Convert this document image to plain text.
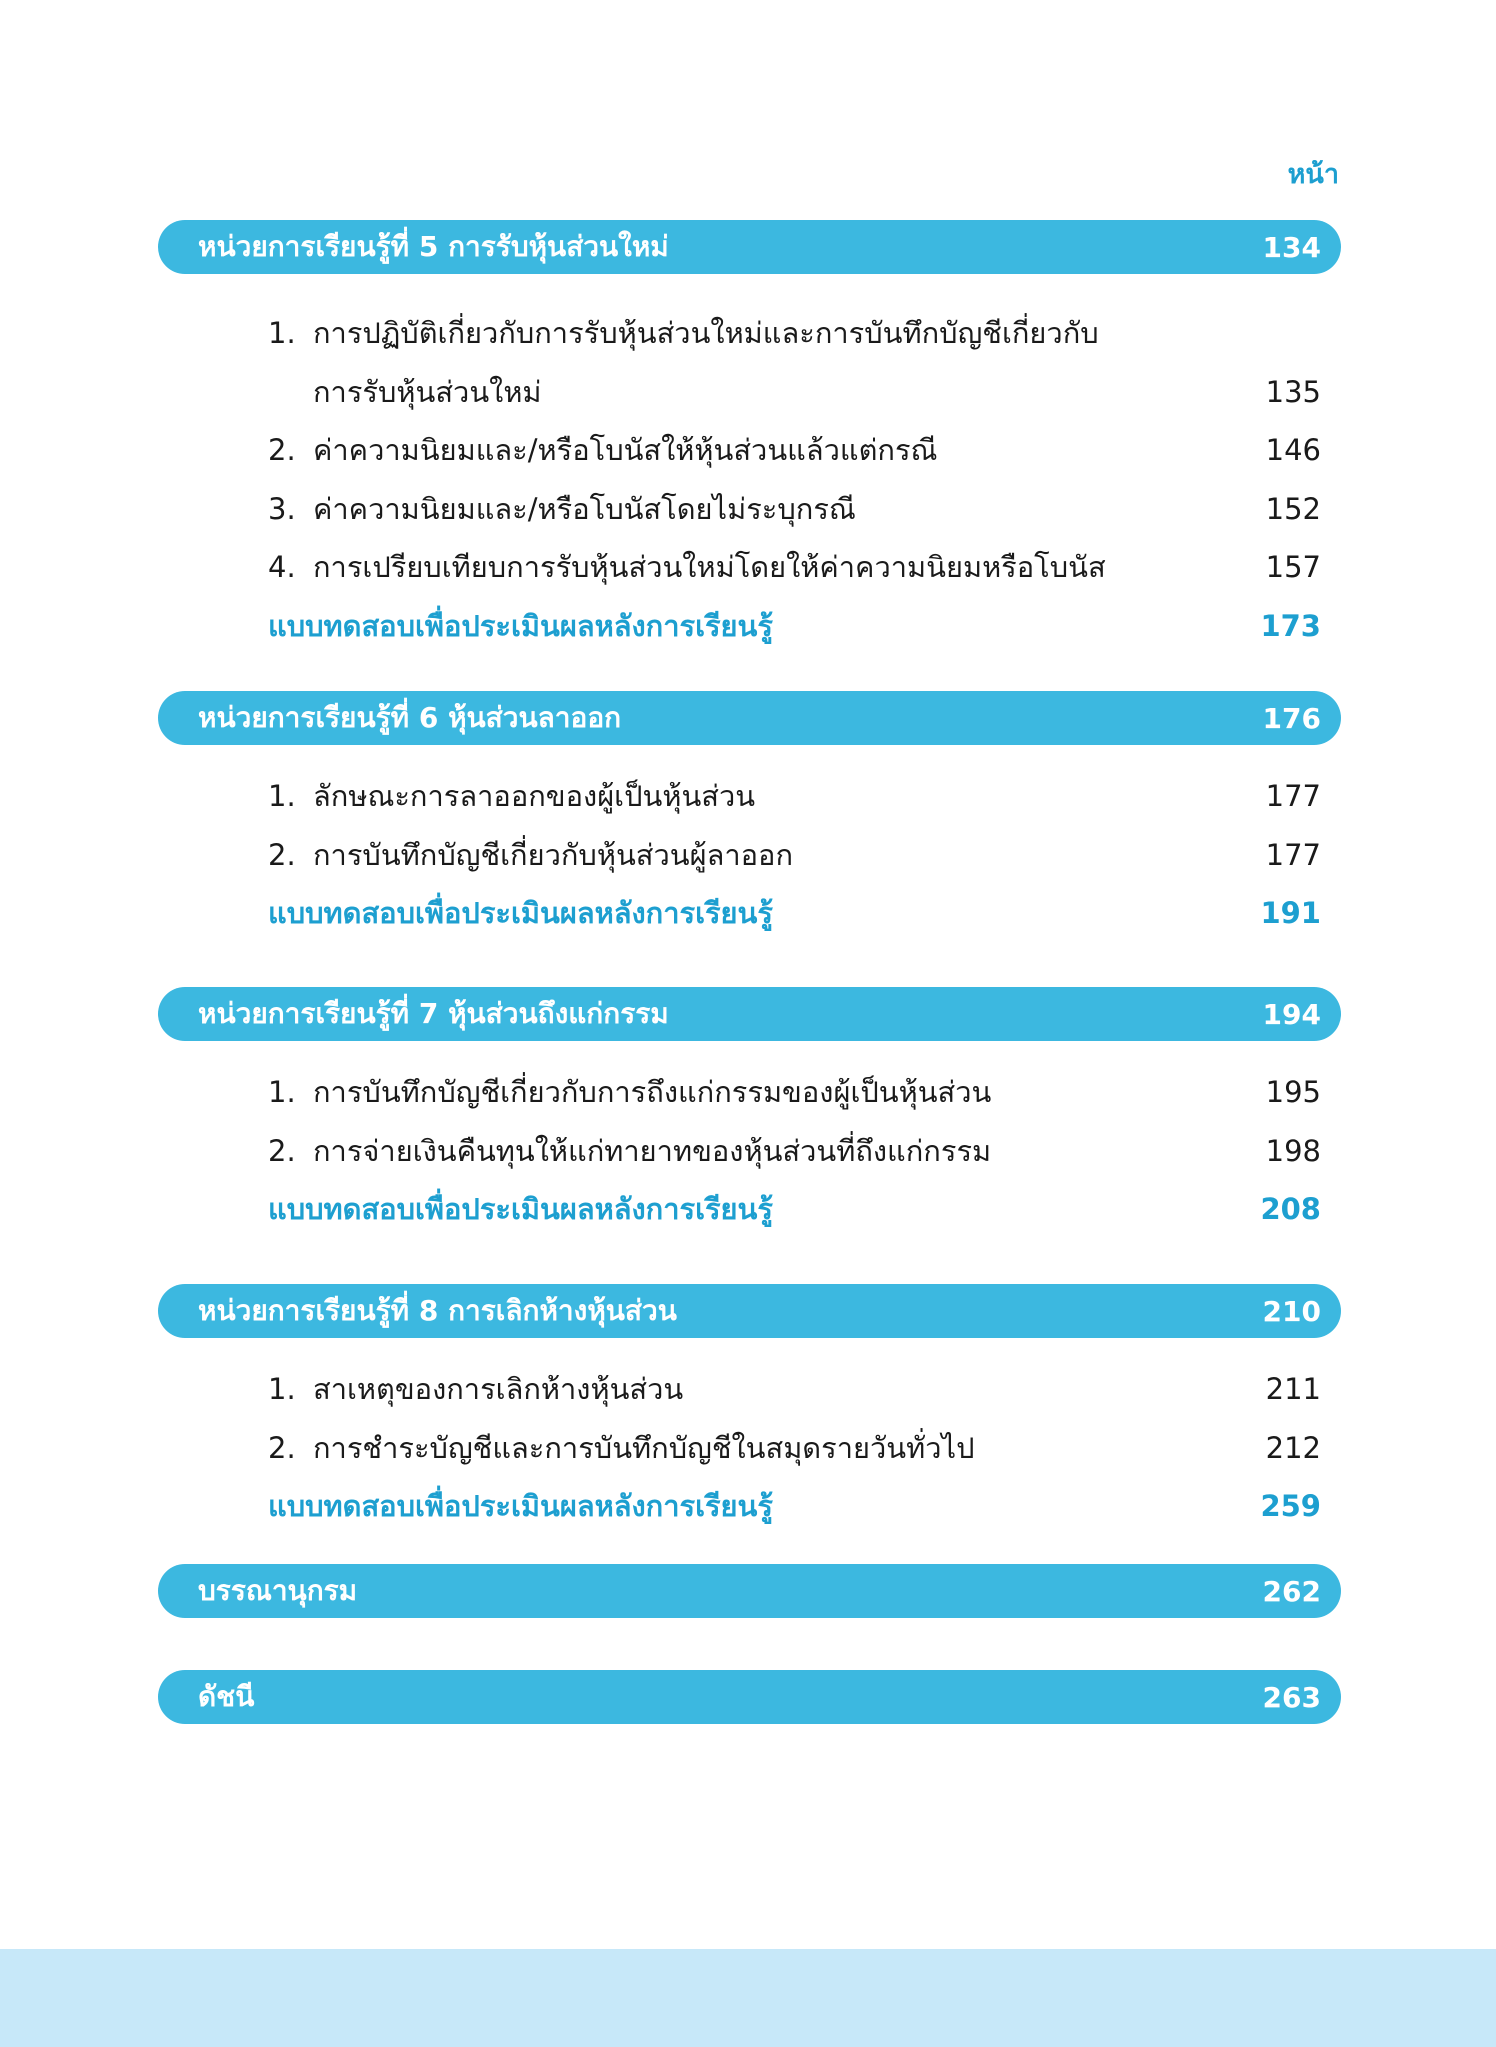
หน้า
หน่วยการเรียนรู้ที่ 5 การรับหุ้นส่วนใหม่	134
1. การปฏิบัติเกี่ยวกับการรับหุ้นส่วนใหม่และการบันทึกบัญชีเกี่ยวกับ
การรับหุ้นส่วนใหม่	135
2. ค่าความนิยมและ/หรือโบนัสให้หุ้นส่วนแล้วแต่กรณี	146
3. ค่าความนิยมและ/หรือโบนัสโดยไม่ระบุกรณี	152
4. การเปรียบเทียบการรับหุ้นส่วนใหม่โดยให้ค่าความนิยมหรือโบนัส	157
แบบทดสอบเพื่อประเมินผลหลังการเรียนรู้	173
หน่วยการเรียนรู้ที่ 6 หุ้นส่วนลาออก	176
1. ลักษณะการลาออกของผู้เป็นหุ้นส่วน	177
2. การบันทึกบัญชีเกี่ยวกับหุ้นส่วนผู้ลาออก	177
แบบทดสอบเพื่อประเมินผลหลังการเรียนรู้	191
หน่วยการเรียนรู้ที่ 7 หุ้นส่วนถึงแก่กรรม	194
1. การบันทึกบัญชีเกี่ยวกับการถึงแก่กรรมของผู้เป็นหุ้นส่วน	195
2. การจ่ายเงินคืนทุนให้แก่ทายาทของหุ้นส่วนที่ถึงแก่กรรม	198
แบบทดสอบเพื่อประเมินผลหลังการเรียนรู้	208
หน่วยการเรียนรู้ที่ 8 การเลิกห้างหุ้นส่วน	210
1. สาเหตุของการเลิกห้างหุ้นส่วน	211
2. การชำระบัญชีและการบันทึกบัญชีในสมุดรายวันทั่วไป	212
แบบทดสอบเพื่อประเมินผลหลังการเรียนรู้	259
บรรณานุกรม	262
ดัชนี	263
